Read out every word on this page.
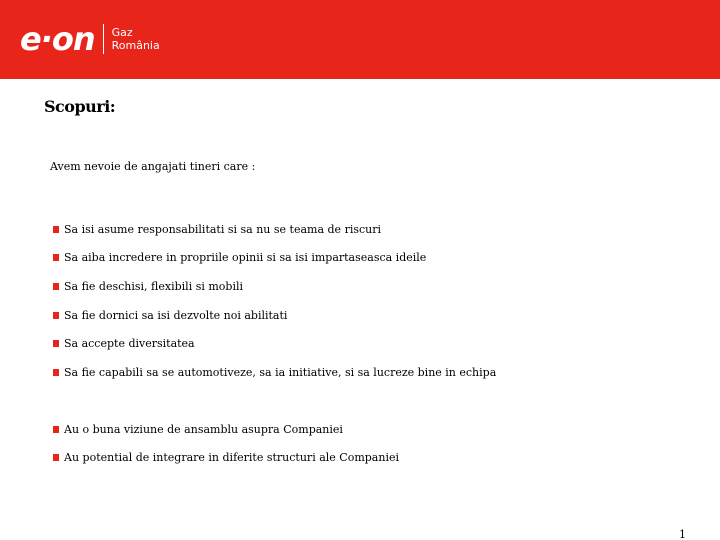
e·on Gaz
România
Scopuri:
Avem nevoie de angajati tineri care :
Sa isi asume responsabilitati si sa nu se teama de riscuri
Sa aiba incredere in propriile opinii si sa isi impartaseasca ideile
Sa fie deschisi, flexibili si mobili
Sa fie dornici sa isi dezvolte noi abilitati
Sa accepte diversitatea
Sa fie capabili sa se automotiveze, sa ia initiative, si sa lucreze bine in echipa
Au o buna viziune de ansamblu asupra Companiei
Au potential de integrare in diferite structuri ale Companiei
1
